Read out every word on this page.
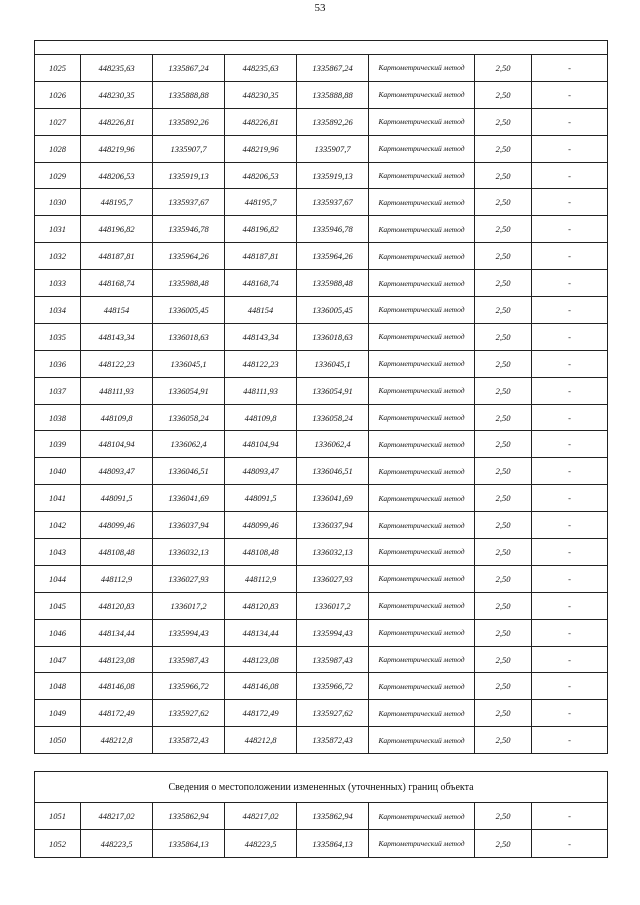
53

1025	448235,63	1335867,24	448235,63	1335867,24	Картометрический метод	2,50	-
1026	448230,35	1335888,88	448230,35	1335888,88	Картометрический метод	2,50	-
1027	448226,81	1335892,26	448226,81	1335892,26	Картометрический метод	2,50	-
1028	448219,96	1335907,7	448219,96	1335907,7	Картометрический метод	2,50	-
1029	448206,53	1335919,13	448206,53	1335919,13	Картометрический метод	2,50	-
1030	448195,7	1335937,67	448195,7	1335937,67	Картометрический метод	2,50	-
1031	448196,82	1335946,78	448196,82	1335946,78	Картометрический метод	2,50	-
1032	448187,81	1335964,26	448187,81	1335964,26	Картометрический метод	2,50	-
1033	448168,74	1335988,48	448168,74	1335988,48	Картометрический метод	2,50	-
1034	448154	1336005,45	448154	1336005,45	Картометрический метод	2,50	-
1035	448143,34	1336018,63	448143,34	1336018,63	Картометрический метод	2,50	-
1036	448122,23	1336045,1	448122,23	1336045,1	Картометрический метод	2,50	-
1037	448111,93	1336054,91	448111,93	1336054,91	Картометрический метод	2,50	-
1038	448109,8	1336058,24	448109,8	1336058,24	Картометрический метод	2,50	-
1039	448104,94	1336062,4	448104,94	1336062,4	Картометрический метод	2,50	-
1040	448093,47	1336046,51	448093,47	1336046,51	Картометрический метод	2,50	-
1041	448091,5	1336041,69	448091,5	1336041,69	Картометрический метод	2,50	-
1042	448099,46	1336037,94	448099,46	1336037,94	Картометрический метод	2,50	-
1043	448108,48	1336032,13	448108,48	1336032,13	Картометрический метод	2,50	-
1044	448112,9	1336027,93	448112,9	1336027,93	Картометрический метод	2,50	-
1045	448120,83	1336017,2	448120,83	1336017,2	Картометрический метод	2,50	-
1046	448134,44	1335994,43	448134,44	1335994,43	Картометрический метод	2,50	-
1047	448123,08	1335987,43	448123,08	1335987,43	Картометрический метод	2,50	-
1048	448146,08	1335966,72	448146,08	1335966,72	Картометрический метод	2,50	-
1049	448172,49	1335927,62	448172,49	1335927,62	Картометрический метод	2,50	-
1050	448212,8	1335872,43	448212,8	1335872,43	Картометрический метод	2,50	-
Сведения о местоположении измененных (уточненных) границ объекта							
1051	448217,02	1335862,94	448217,02	1335862,94	Картометрический метод	2,50	-
1052	448223,5	1335864,13	448223,5	1335864,13	Картометрический метод	2,50	-
